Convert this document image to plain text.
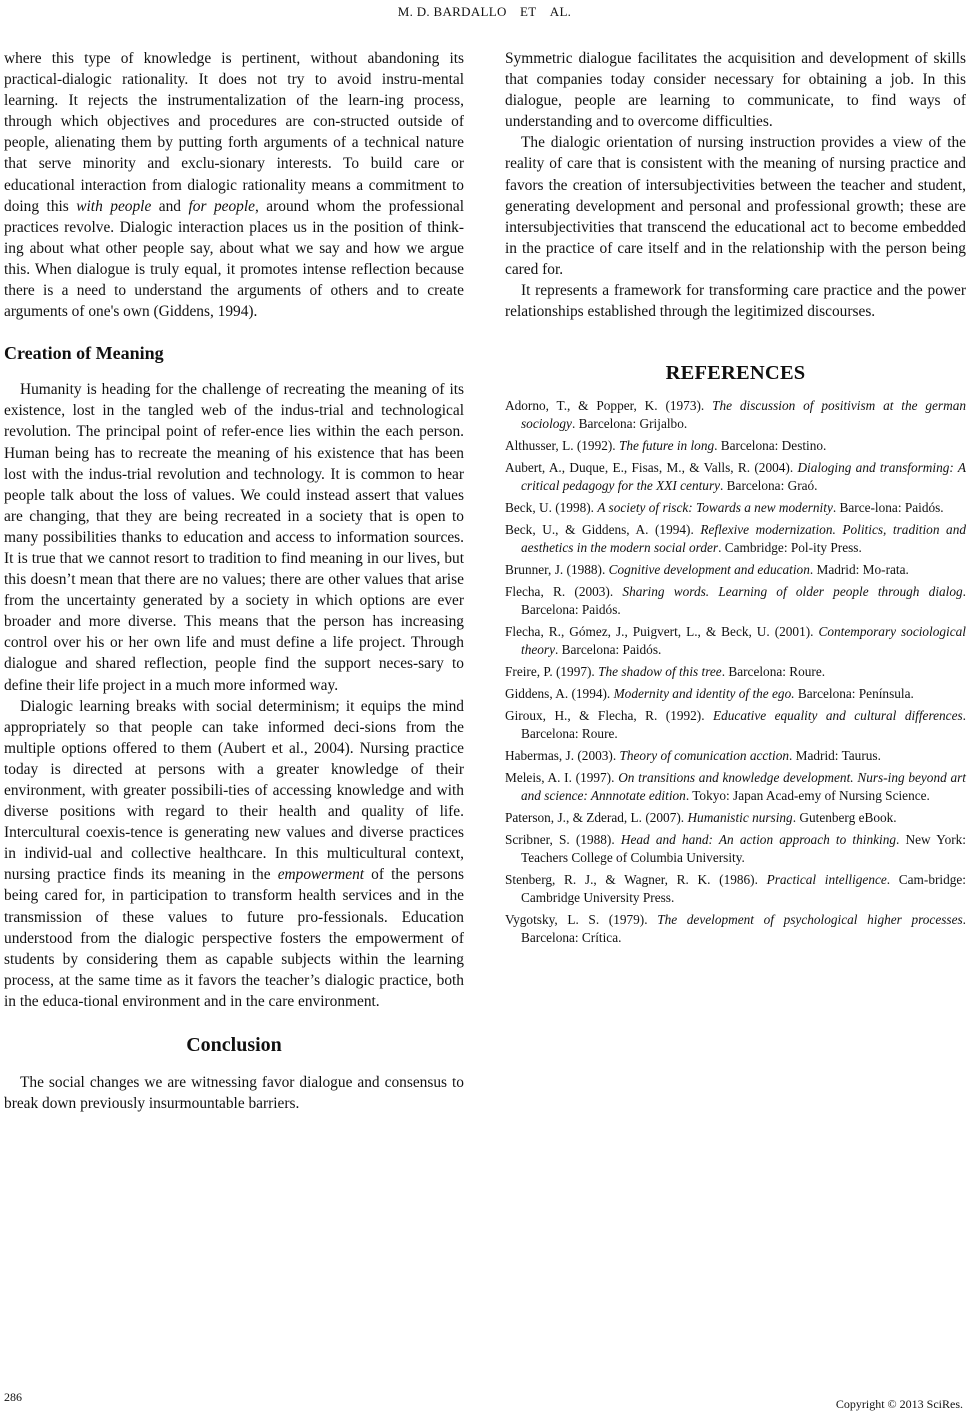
M. D. BARDALLO ET AL.

where this type of knowledge is pertinent, without abandoning its practical-dialogic rationality. It does not try to avoid instru-mental learning. It rejects the instrumentalization of the learn-ing process, through which objectives and procedures are con-structed outside of people, alienating them by putting forth arguments of a technical nature that serve minority and exclu-sionary interests. To build care or educational interaction from dialogic rationality means a commitment to doing this with people and for people, around whom the professional practices revolve. Dialogic interaction places us in the position of think-ing about what other people say, about what we say and how we argue this. When dialogue is truly equal, it promotes intense reflection because there is a need to understand the arguments of others and to create arguments of one's own (Giddens, 1994).

Creation of Meaning

Humanity is heading for the challenge of recreating the meaning of its existence, lost in the tangled web of the indus-trial and technological revolution. The principal point of refer-ence lies within the each person. Human being has to recreate the meaning of his existence that has been lost with the indus-trial revolution and technology. It is common to hear people talk about the loss of values. We could instead assert that values are changing, that they are being recreated in a society that is open to many possibilities thanks to education and access to information sources. It is true that we cannot resort to tradition to find meaning in our lives, but this doesn’t mean that there are no values; there are other values that arise from the uncertainty generated by a society in which options are ever broader and more diverse. This means that the person has increasing control over his or her own life and must define a life project. Through dialogue and shared reflection, people find the support neces-sary to define their life project in a much more informed way.

Dialogic learning breaks with social determinism; it equips the mind appropriately so that people can take informed deci-sions from the multiple options offered to them (Aubert et al., 2004). Nursing practice today is directed at persons with a greater knowledge of their environment, with greater possibili-ties of accessing knowledge and with diverse positions with regard to their health and quality of life. Intercultural coexis-tence is generating new values and diverse practices in individ-ual and collective healthcare. In this multicultural context, nursing practice finds its meaning in the empowerment of the persons being cared for, in participation to transform health services and in the transmission of these values to future pro-fessionals. Education understood from the dialogic perspective fosters the empowerment of students by considering them as capable subjects within the learning process, at the same time as it favors the teacher’s dialogic practice, both in the educa-tional environment and in the care environment.

Conclusion

The social changes we are witnessing favor dialogue and consensus to break down previously insurmountable barriers.

Symmetric dialogue facilitates the acquisition and development of skills that companies today consider necessary for obtaining a job. In this dialogue, people are learning to communicate, to find ways of understanding and to overcome difficulties.

The dialogic orientation of nursing instruction provides a view of the reality of care that is consistent with the meaning of nursing practice and favors the creation of intersubjectivities between the teacher and student, generating development and personal and professional growth; these are intersubjectivities that transcend the educational act to become embedded in the practice of care itself and in the relationship with the person being cared for.

It represents a framework for transforming care practice and the power relationships established through the legitimized discourses.

REFERENCES
Adorno, T., & Popper, K. (1973). The discussion of positivism at the german sociology. Barcelona: Grijalbo.
Althusser, L. (1992). The future in long. Barcelona: Destino.
Aubert, A., Duque, E., Fisas, M., & Valls, R. (2004). Dialoging and transforming: A critical pedagogy for the XXI century. Barcelona: Graó.
Beck, U. (1998). A society of risck: Towards a new modernity. Barce-lona: Paidós.
Beck, U., & Giddens, A. (1994). Reflexive modernization. Politics, tradition and aesthetics in the modern social order. Cambridge: Pol-ity Press.
Brunner, J. (1988). Cognitive development and education. Madrid: Mo-rata.
Flecha, R. (2003). Sharing words. Learning of older people through dialog. Barcelona: Paidós.
Flecha, R., Gómez, J., Puigvert, L., & Beck, U. (2001). Contemporary sociological theory. Barcelona: Paidós.
Freire, P. (1997). The shadow of this tree. Barcelona: Roure.
Giddens, A. (1994). Modernity and identity of the ego. Barcelona: Península.
Giroux, H., & Flecha, R. (1992). Educative equality and cultural differences. Barcelona: Roure.
Habermas, J. (2003). Theory of comunication acction. Madrid: Taurus.
Meleis, A. I. (1997). On transitions and knowledge development. Nurs-ing beyond art and science: Annnotate edition. Tokyo: Japan Acad-emy of Nursing Science.
Paterson, J., & Zderad, L. (2007). Humanistic nursing. Gutenberg eBook.
Scribner, S. (1988). Head and hand: An action approach to thinking. New York: Teachers College of Columbia University.
Stenberg, R. J., & Wagner, R. K. (1986). Practical intelligence. Cam-bridge: Cambridge University Press.
Vygotsky, L. S. (1979). The development of psychological higher processes. Barcelona: Crítica.
286	Copyright © 2013 SciRes.
